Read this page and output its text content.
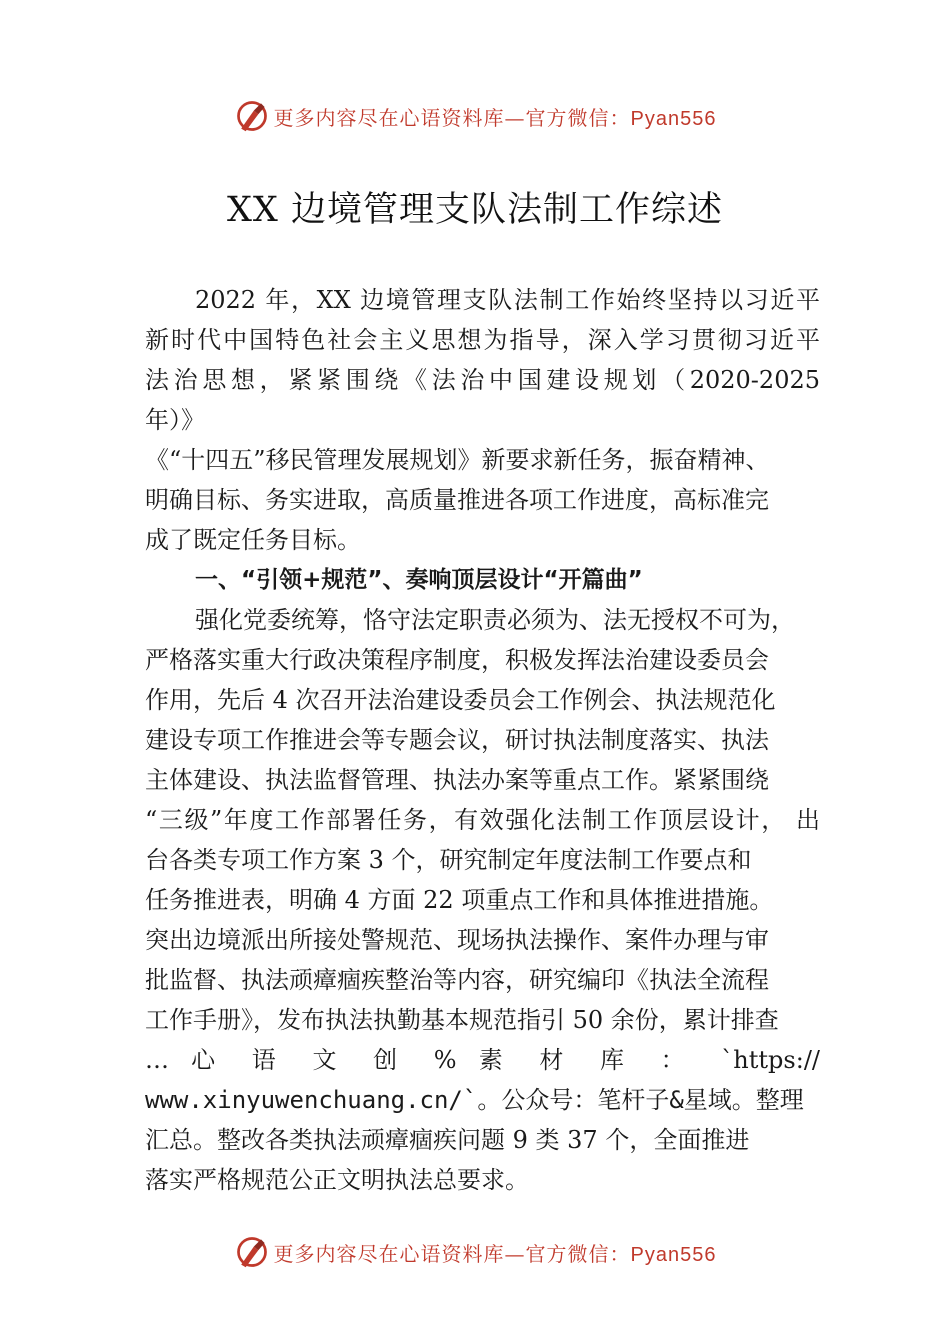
更多内容尽在心语资料库—官方微信：Pyan556
XX 边境管理支队法制工作综述
2022 年，XX 边境管理支队法制工作始终坚持以习近平
新时代中国特色社会主义思想为指导，深入学习贯彻习近平
法治思想，紧紧围绕《法治中国建设规划（2020-2025
年）》
《“十四五”移民管理发展规划》新要求新任务，振奋精神、
明确目标、务实进取，高质量推进各项工作进度，高标准完
成了既定任务目标。
一、“引领+规范”、奏响顶层设计“开篇曲”
强化党委统筹，恪守法定职责必须为、法无授权不可为，
严格落实重大行政决策程序制度，积极发挥法治建设委员会
作用，先后 4 次召开法治建设委员会工作例会、执法规范化
建设专项工作推进会等专题会议，研讨执法制度落实、执法
主体建设、执法监督管理、执法办案等重点工作。紧紧围绕
“三级”年度工作部署任务，有效强化法制工作顶层设计， 出
台各类专项工作方案 3 个，研究制定年度法制工作要点和
任务推进表，明确 4 方面 22 项重点工作和具体推进措施。
突出边境派出所接处警规范、现场执法操作、案件办理与审
批监督、执法顽瘴痼疾整治等内容，研究编印《执法全流程
工作手册》，发布执法执勤基本规范指引 50 余份，累计排查
… 心 语 文 创 % 素 材 库 ： `https://
www.xinyuwenchuang.cn/`。公众号：笔杆子&星域。整理
汇总。整改各类执法顽瘴痼疾问题 9 类 37 个，全面推进
落实严格规范公正文明执法总要求。
更多内容尽在心语资料库—官方微信：Pyan556
